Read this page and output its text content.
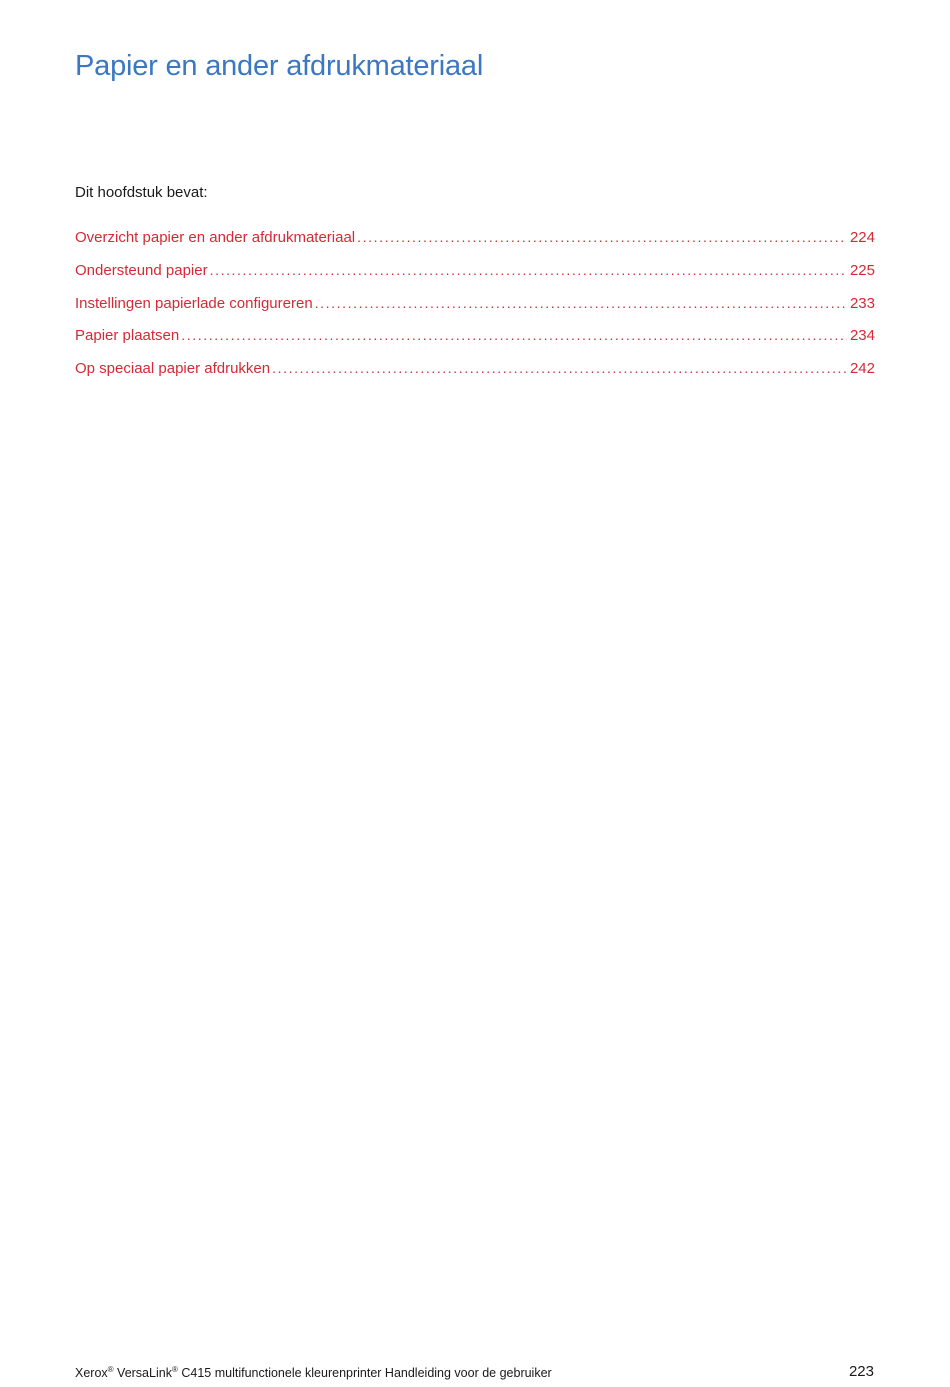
Papier en ander afdrukmateriaal

Dit hoofdstuk bevat:

Overzicht papier en ander afdrukmateriaal .....	224
Ondersteund papier .....	225
Instellingen papierlade configureren .....	233
Papier plaatsen .....	234
Op speciaal papier afdrukken .....	242
Xerox® VersaLink® C415 multifunctionele kleurenprinter Handleiding voor de gebruiker	223
